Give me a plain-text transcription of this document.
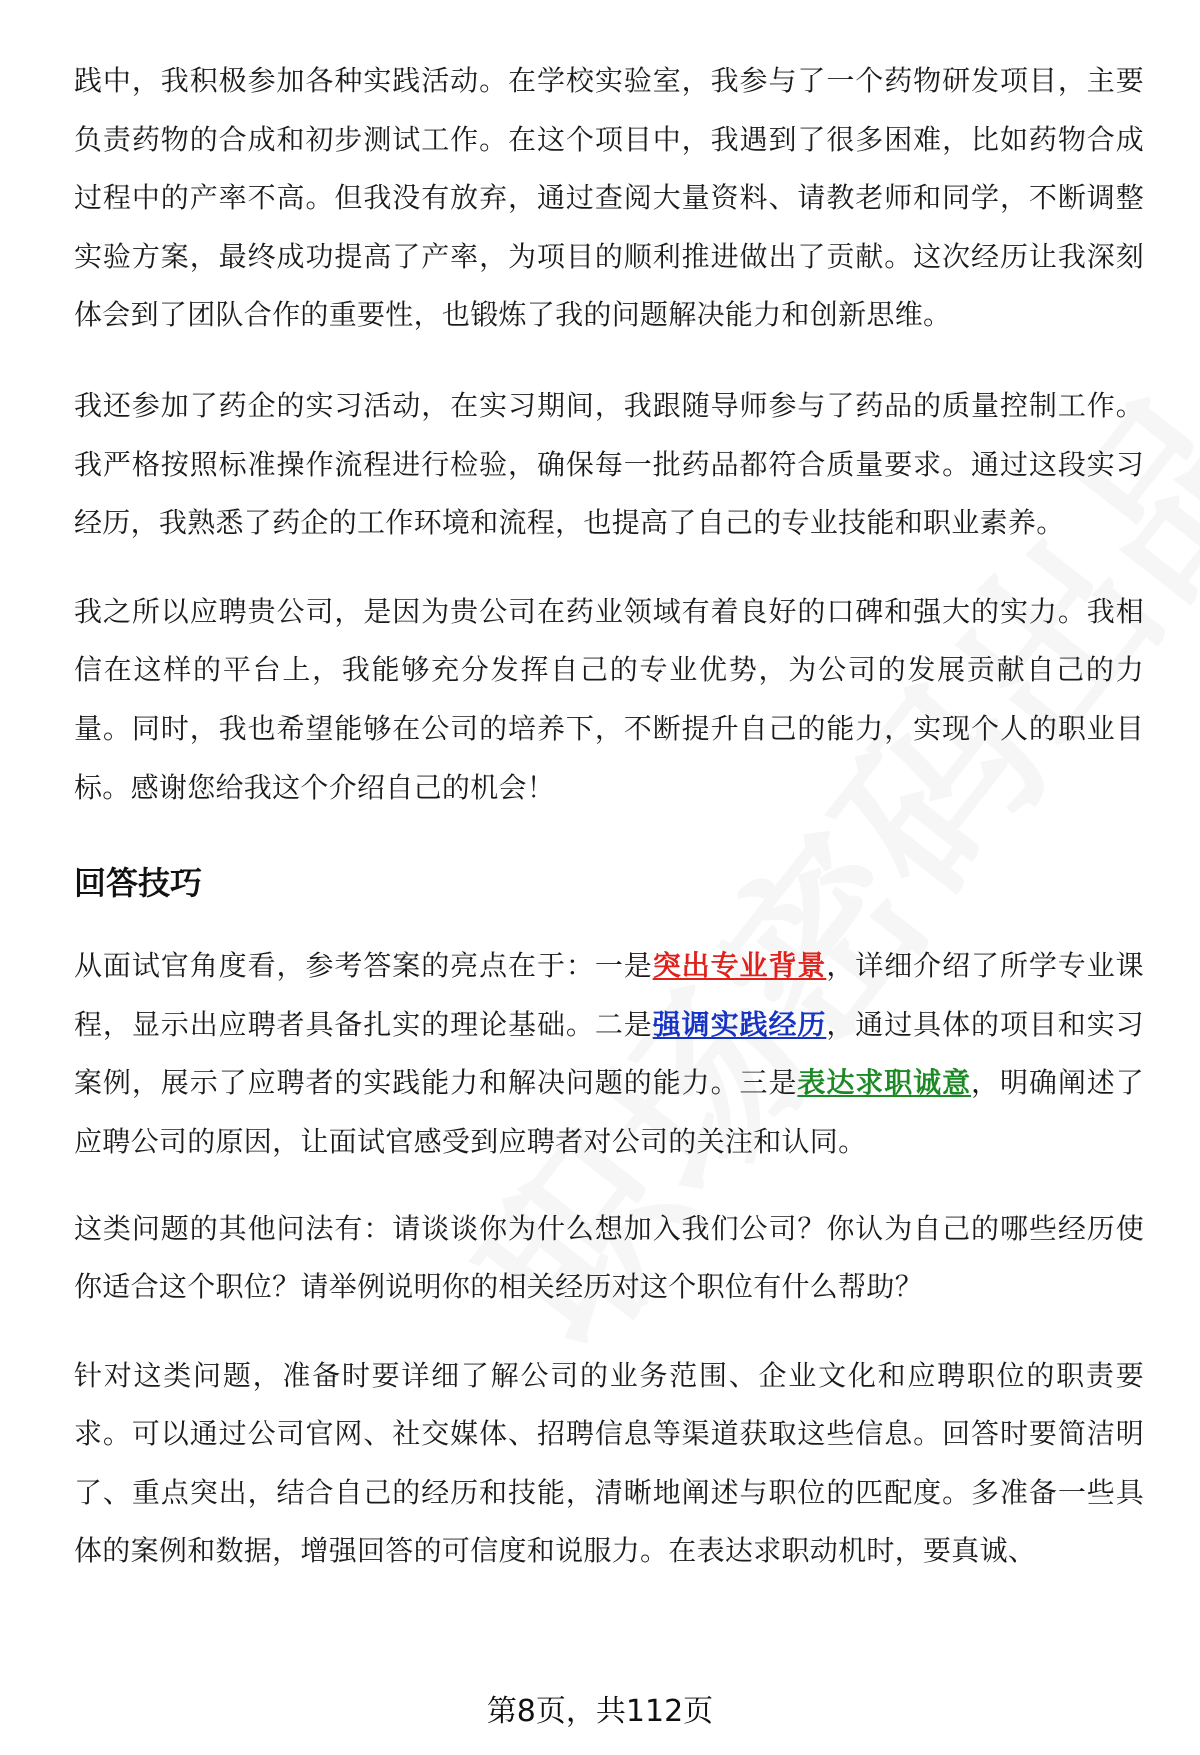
践中，我积极参加各种实践活动。在学校实验室，我参与了一个药物研发项目，主要负责药物的合成和初步测试工作。在这个项目中，我遇到了很多困难，比如药物合成过程中的产率不高。但我没有放弃，通过查阅大量资料、请教老师和同学，不断调整实验方案，最终成功提高了产率，为项目的顺利推进做出了贡献。这次经历让我深刻体会到了团队合作的重要性，也锻炼了我的问题解决能力和创新思维。

我还参加了药企的实习活动，在实习期间，我跟随导师参与了药品的质量控制工作。我严格按照标准操作流程进行检验，确保每一批药品都符合质量要求。通过这段实习经历，我熟悉了药企的工作环境和流程，也提高了自己的专业技能和职业素养。

我之所以应聘贵公司，是因为贵公司在药业领域有着良好的口碑和强大的实力。我相信在这样的平台上，我能够充分发挥自己的专业优势，为公司的发展贡献自己的力量。同时，我也希望能够在公司的培养下，不断提升自己的能力，实现个人的职业目标。感谢您给我这个介绍自己的机会！

回答技巧

从面试官角度看，参考答案的亮点在于：一是突出专业背景，详细介绍了所学专业课程，显示出应聘者具备扎实的理论基础。二是强调实践经历，通过具体的项目和实习案例，展示了应聘者的实践能力和解决问题的能力。三是表达求职诚意，明确阐述了应聘公司的原因，让面试官感受到应聘者对公司的关注和认同。

这类问题的其他问法有：请谈谈你为什么想加入我们公司？你认为自己的哪些经历使你适合这个职位？请举例说明你的相关经历对这个职位有什么帮助？

针对这类问题，准备时要详细了解公司的业务范围、企业文化和应聘职位的职责要求。可以通过公司官网、社交媒体、招聘信息等渠道获取这些信息。回答时要简洁明了、重点突出，结合自己的经历和技能，清晰地阐述与职位的匹配度。多准备一些具体的案例和数据，增强回答的可信度和说服力。在表达求职动机时，要真诚、

第8页，共112页
